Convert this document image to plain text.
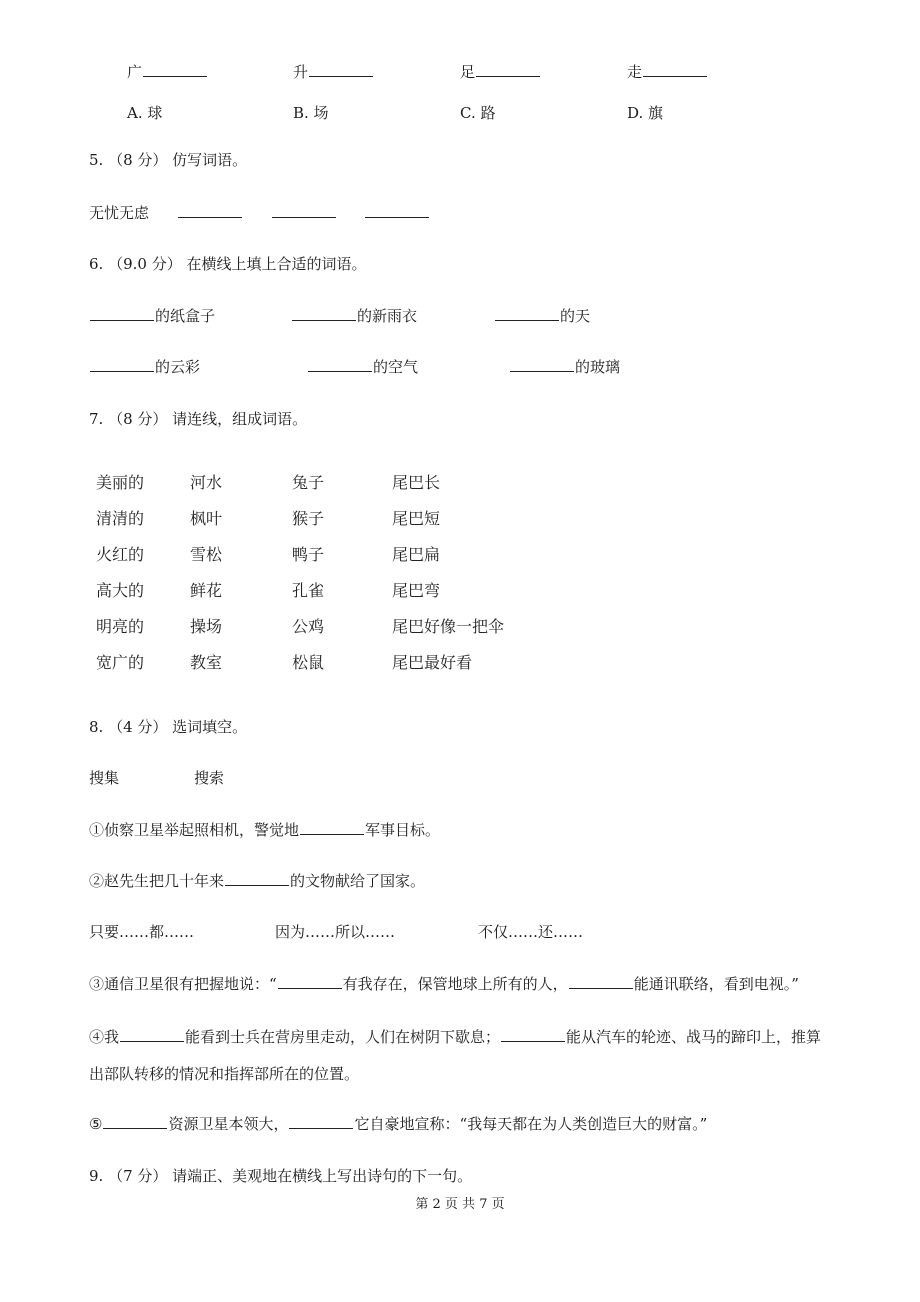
广	升	足	走
A. 球	B. 场	C. 路	D. 旗
5. （8 分） 仿写词语。
无忧无虑
6. （9.0 分） 在横线上填上合适的词语。
的纸盒子	的新雨衣	的天
的云彩	的空气	的玻璃
7. （8 分） 请连线，组成词语。
美丽的	河水	兔子	尾巴长
清清的	枫叶	猴子	尾巴短
火红的	雪松	鸭子	尾巴扁
高大的	鲜花	孔雀	尾巴弯
明亮的	操场	公鸡	尾巴好像一把伞
宽广的	教室	松鼠	尾巴最好看
8. （4 分） 选词填空。
搜集	搜索
①侦察卫星举起照相机，警觉地	军事目标。
②赵先生把几十年来	的文物献给了国家。
只要……都……	因为……所以……	不仅……还……
③通信卫星很有把握地说：“	有我存在，保管地球上所有的人，	能通讯联络，看到电视。”
④我	能看到士兵在营房里走动，人们在树阴下歇息；	能从汽车的轮迹、战马的蹄印上，推算
出部队转移的情况和指挥部所在的位置。
⑤	资源卫星本领大，	它自豪地宣称：“我每天都在为人类创造巨大的财富。”
9. （7 分） 请端正、美观地在横线上写出诗句的下一句。
第 2 页 共 7 页
